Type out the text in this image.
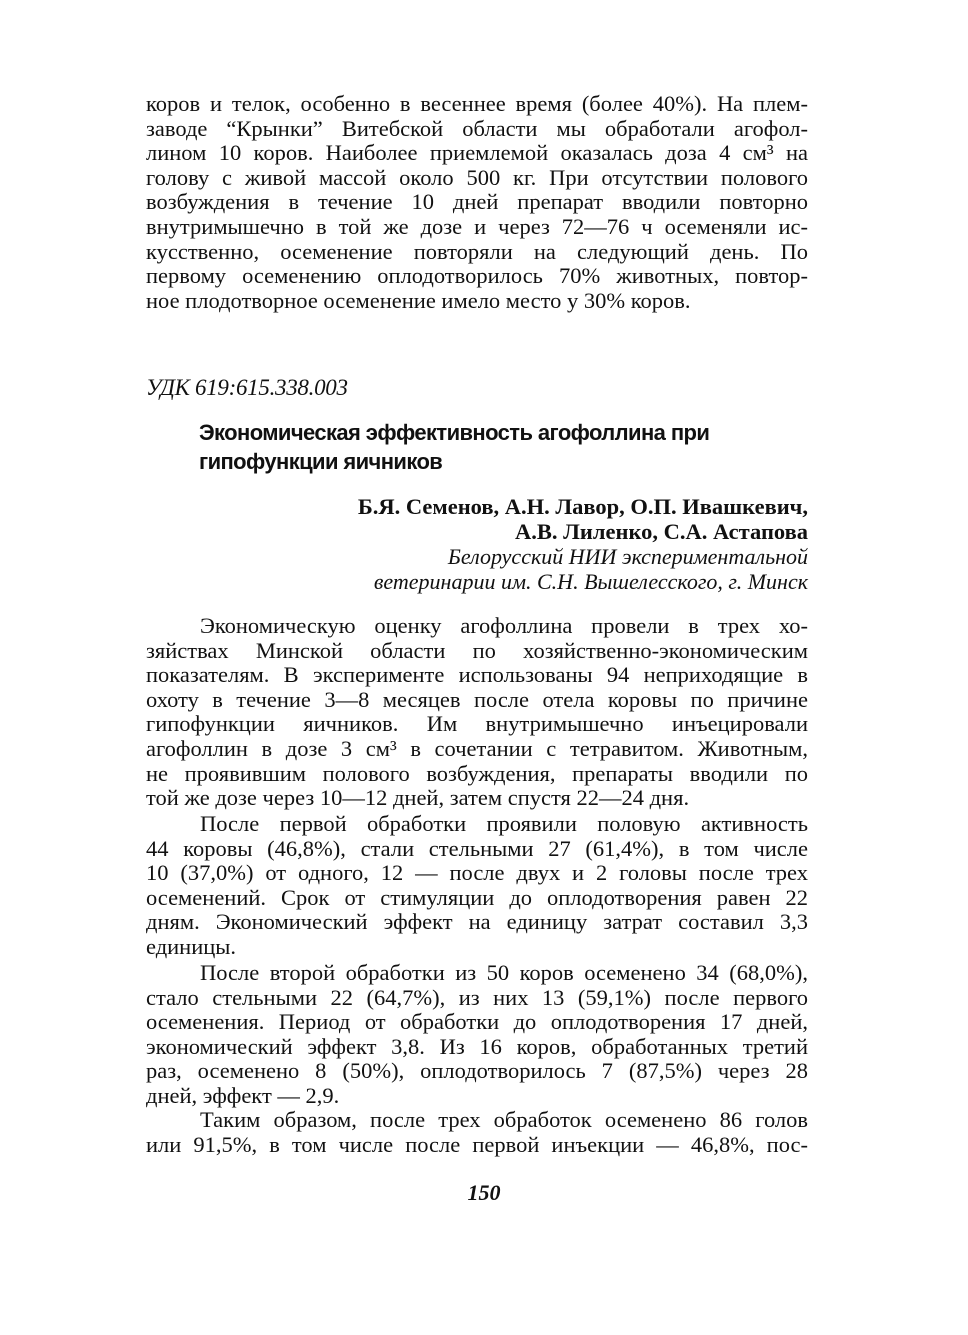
коров и телок, особенно в весеннее время (более 40%). На плем-
заводе “Крынки” Витебской области мы обработали агофол-
лином 10 коров. Наиболее приемлемой оказалась доза 4 см³ на
голову с живой массой около 500 кг. При отсутствии полового
возбуждения в течение 10 дней препарат вводили повторно
внутримышечно в той же дозе и через 72—76 ч осеменяли ис-
кусственно, осеменение повторяли на следующий день. По
первому осеменению оплодотворилось 70% животных, повтор-
ное плодотворное осеменение имело место у 30% коров.

УДК 619:615.338.003
Экономическая эффективность агофоллина при
гипофункции яичников
Б.Я. Семенов, А.Н. Лавор, О.П. Ивашкевич,
А.В. Лиленко, С.А. Астапова
Белорусский НИИ экспериментальной
ветеринарии им. С.Н. Вышелесского, г. Минск

Экономическую оценку агофоллина провели в трех хо-
зяйствах Минской области по хозяйственно-экономическим
показателям. В эксперименте использованы 94 неприходящие в
охоту в течение 3—8 месяцев после отела коровы по причине
гипофункции яичников. Им внутримышечно инъецировали
агофоллин в дозе 3 см³ в сочетании с тетравитом. Животным,
не проявившим полового возбуждения, препараты вводили по
той же дозе через 10—12 дней, затем спустя 22—24 дня.

После первой обработки проявили половую активность
44 коровы (46,8%), стали стельными 27 (61,4%), в том числе
10 (37,0%) от одного, 12 — после двух и 2 головы после трех
осеменений. Срок от стимуляции до оплодотворения равен 22
дням. Экономический эффект на единицу затрат составил 3,3
единицы.

После второй обработки из 50 коров осеменено 34 (68,0%),
стало стельными 22 (64,7%), из них 13 (59,1%) после первого
осеменения. Период от обработки до оплодотворения 17 дней,
экономический эффект 3,8. Из 16 коров, обработанных третий
раз, осеменено 8 (50%), оплодотворилось 7 (87,5%) через 28
дней, эффект — 2,9.

Таким образом, после трех обработок осеменено 86 голов
или 91,5%, в том числе после первой инъекции — 46,8%, пос-

150
